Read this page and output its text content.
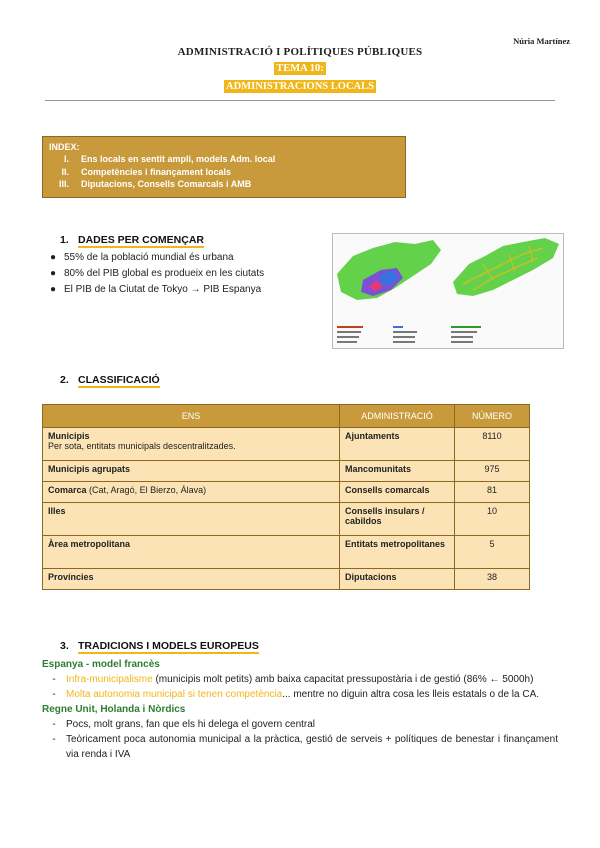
Núria Martínez
ADMINISTRACIÓ I POLÍTIQUES PÚBLIQUES
TEMA 10:
ADMINISTRACIONS LOCALS
INDEX:
I.	Ens locals en sentit ampli, models Adm. local
II.	Competències i finançament locals
III.	Diputacions, Consells Comarcals i AMB
1. DADES PER COMENÇAR
● 55% de la població mundial és urbana
● 80% del PIB global es produeix en les ciutats
● El PIB de la Ciutat de Tokyo → PIB Espanya
2. CLASSIFICACIÓ
ENS	ADMINISTRACIÓ	NÚMERO

Municipis
Per sota, entitats municipals descentralitzades.	Ajuntaments	8110
Municipis agrupats	Mancomunitats	975
Comarca (Cat, Aragó, El Bierzo, Álava)	Consells comarcals	81
Illes	Consells insulars / cabildos	10
Àrea metropolitana	Entitats metropolitanes	5
Províncies	Diputacions	38
3. TRADICIONS I MODELS EUROPEUS
Espanya - model francès
-	Infra-municipalisme (municipis molt petits) amb baixa capacitat pressupostària i de gestió (86% ← 5000h)
-	Molta autonomia municipal si tenen competència... mentre no diguin altra cosa les lleis estatals o de la CA.
Regne Unit, Holanda i Nòrdics
-	Pocs, molt grans, fan que els hi delega el govern central
-	Teòricament poca autonomia municipal a la pràctica, gestió de serveis + polítiques de benestar i finançament via renda i IVA
